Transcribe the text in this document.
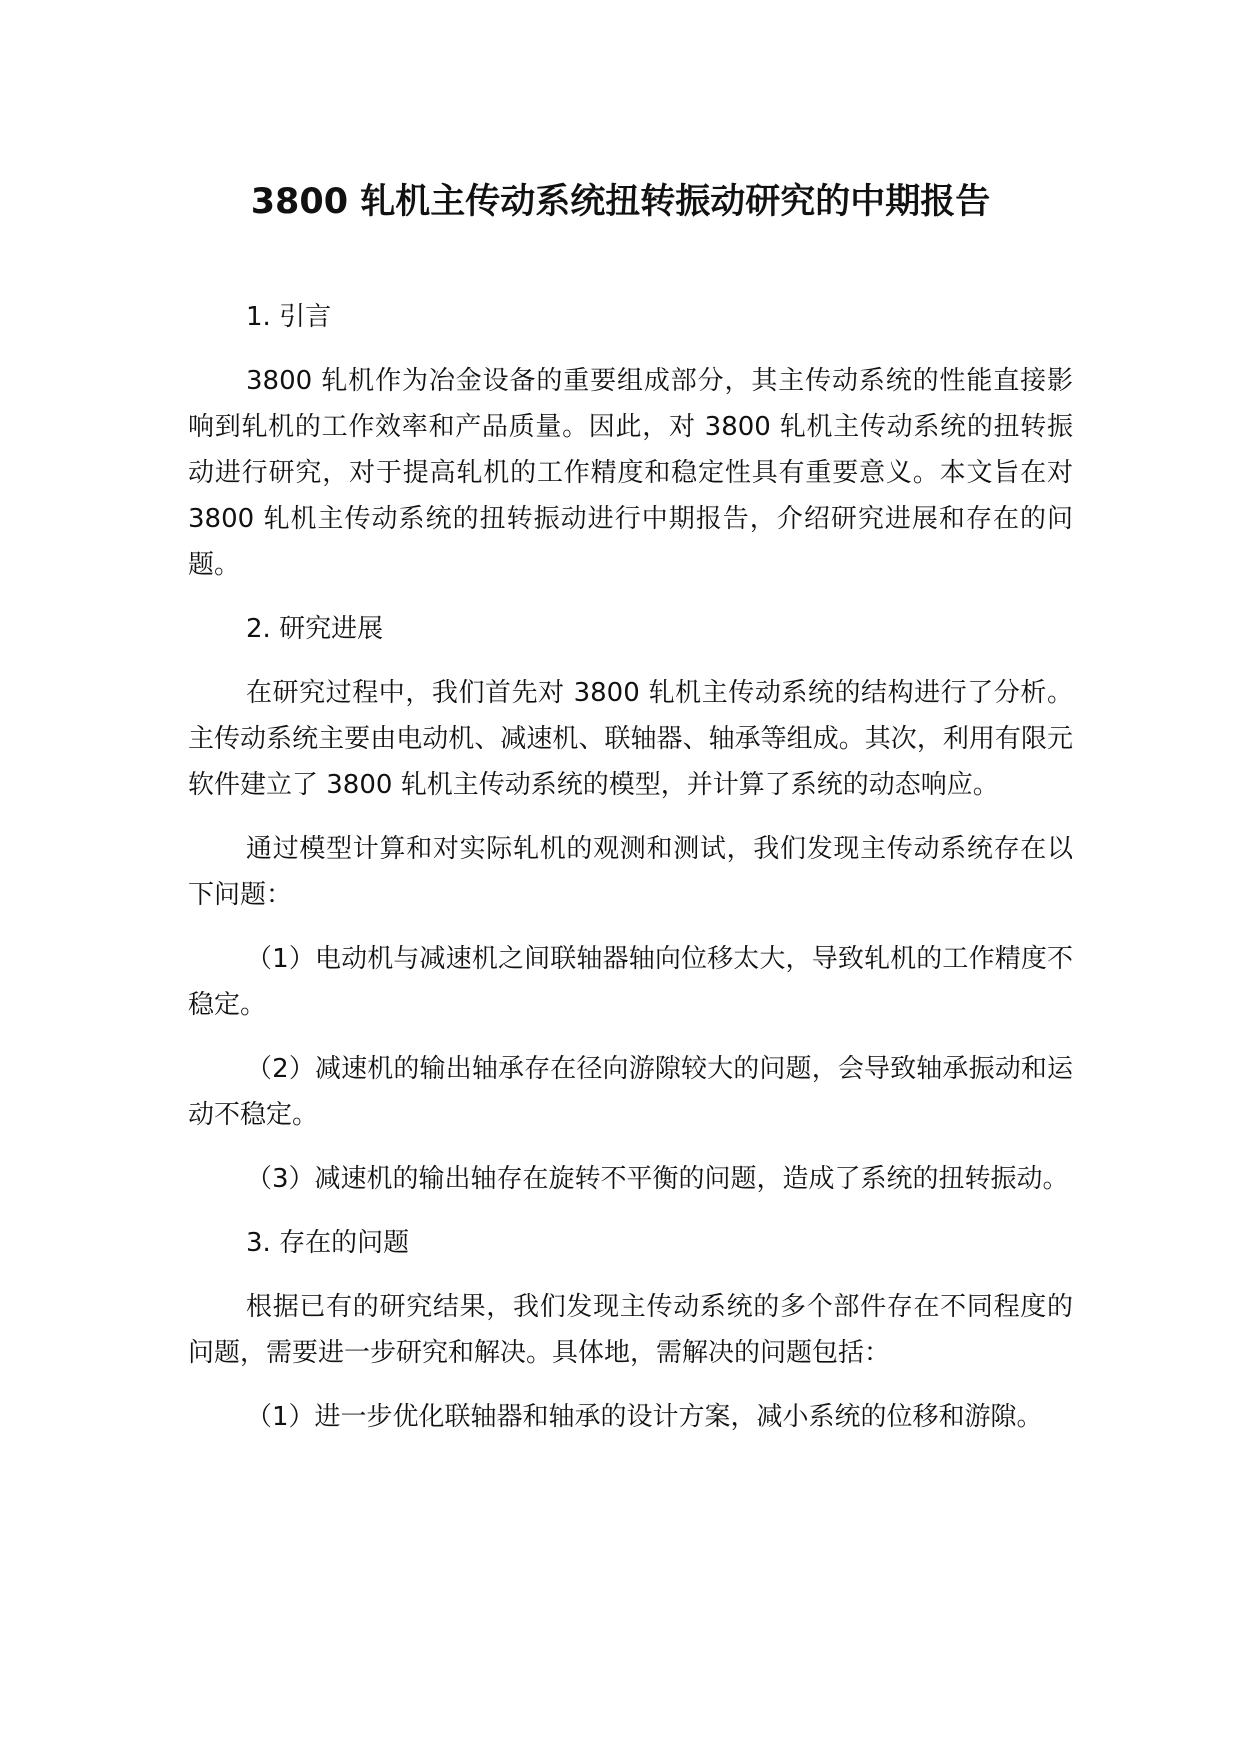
3800 轧机主传动系统扭转振动研究的中期报告

1. 引言

3800 轧机作为冶金设备的重要组成部分，其主传动系统的性能直接影响到轧机的工作效率和产品质量。因此，对 3800 轧机主传动系统的扭转振动进行研究，对于提高轧机的工作精度和稳定性具有重要意义。本文旨在对 3800 轧机主传动系统的扭转振动进行中期报告，介绍研究进展和存在的问题。

2. 研究进展

在研究过程中，我们首先对 3800 轧机主传动系统的结构进行了分析。主传动系统主要由电动机、减速机、联轴器、轴承等组成。其次，利用有限元软件建立了 3800 轧机主传动系统的模型，并计算了系统的动态响应。

通过模型计算和对实际轧机的观测和测试，我们发现主传动系统存在以下问题：

（1）电动机与减速机之间联轴器轴向位移太大，导致轧机的工作精度不稳定。

（2）减速机的输出轴承存在径向游隙较大的问题，会导致轴承振动和运动不稳定。

（3）减速机的输出轴存在旋转不平衡的问题，造成了系统的扭转振动。

3. 存在的问题

根据已有的研究结果，我们发现主传动系统的多个部件存在不同程度的问题，需要进一步研究和解决。具体地，需解决的问题包括：

（1）进一步优化联轴器和轴承的设计方案，减小系统的位移和游隙。
